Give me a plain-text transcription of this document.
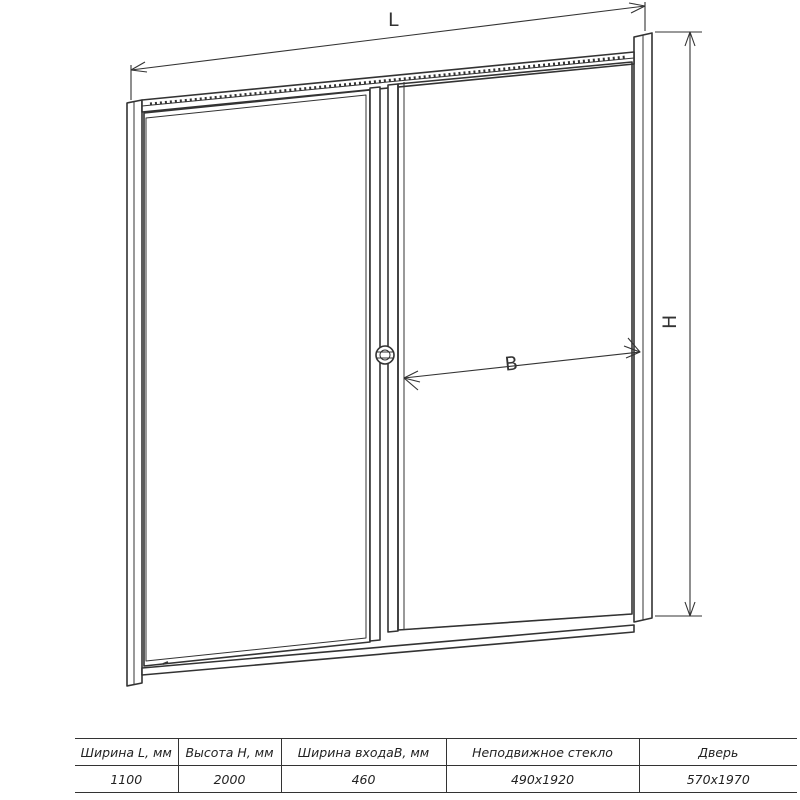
L
H
B
Ширина L, мм	Высота H, мм	Ширина входаB, мм	Неподвижное стекло	Дверь
1100	2000	460	490x1920	570x1970
